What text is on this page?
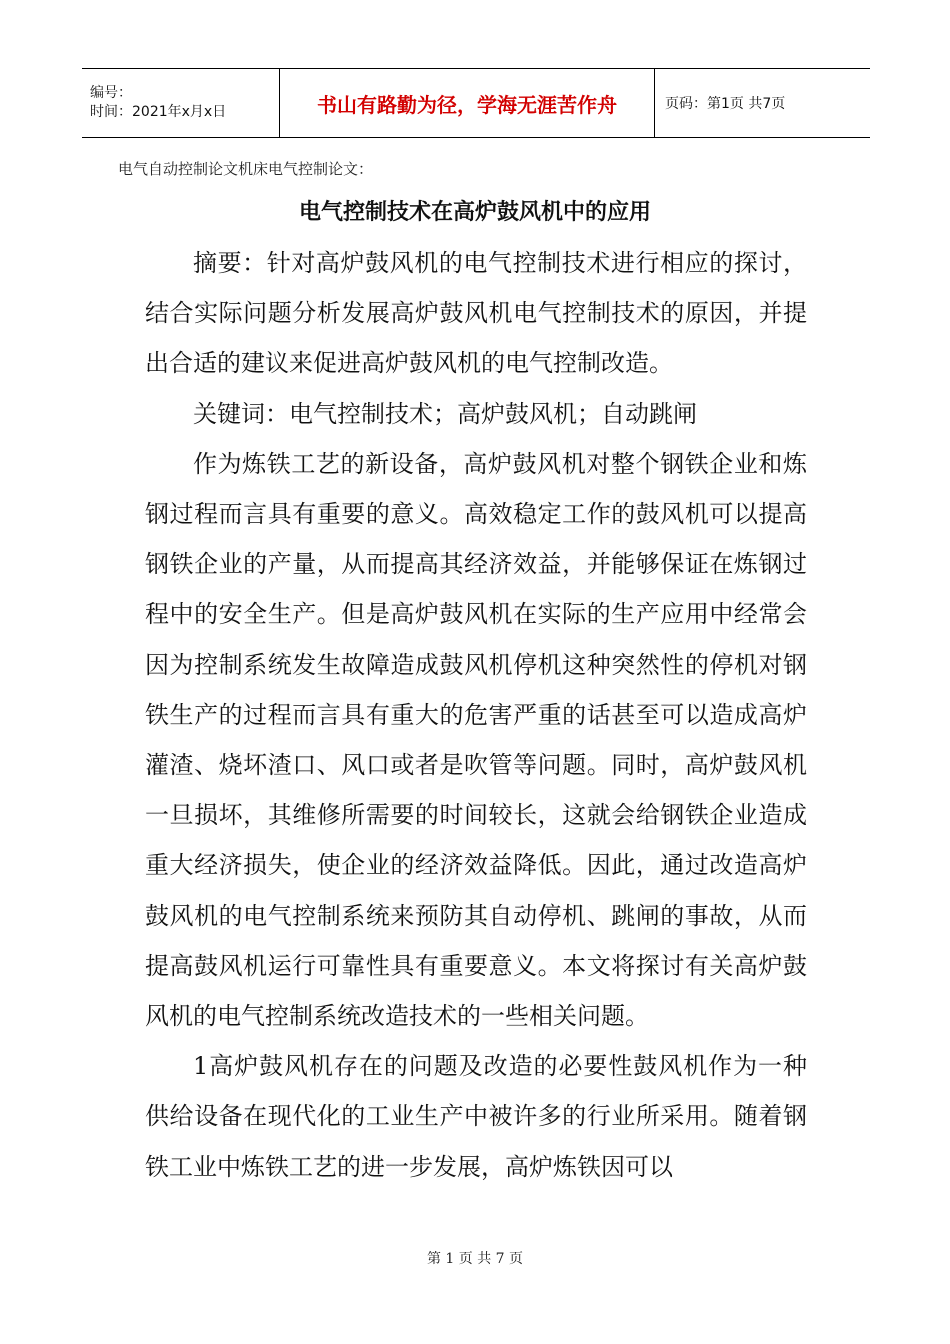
编号：
时间：2021年x月x日	书山有路勤为径，学海无涯苦作舟	页码：第1页 共7页
电气自动控制论文机床电气控制论文：
电气控制技术在高炉鼓风机中的应用

摘要：针对高炉鼓风机的电气控制技术进行相应的探讨，结合实际问题分析发展高炉鼓风机电气控制技术的原因，并提出合适的建议来促进高炉鼓风机的电气控制改造。

关键词：电气控制技术；高炉鼓风机；自动跳闸

作为炼铁工艺的新设备，高炉鼓风机对整个钢铁企业和炼钢过程而言具有重要的意义。高效稳定工作的鼓风机可以提高钢铁企业的产量，从而提高其经济效益，并能够保证在炼钢过程中的安全生产。但是高炉鼓风机在实际的生产应用中经常会因为控制系统发生故障造成鼓风机停机这种突然性的停机对钢铁生产的过程而言具有重大的危害严重的话甚至可以造成高炉灌渣、烧坏渣口、风口或者是吹管等问题。同时，高炉鼓风机一旦损坏，其维修所需要的时间较长，这就会给钢铁企业造成重大经济损失，使企业的经济效益降低。因此，通过改造高炉鼓风机的电气控制系统来预防其自动停机、跳闸的事故，从而提高鼓风机运行可靠性具有重要意义。本文将探讨有关高炉鼓风机的电气控制系统改造技术的一些相关问题。

1高炉鼓风机存在的问题及改造的必要性鼓风机作为一种供给设备在现代化的工业生产中被许多的行业所采用。随着钢铁工业中炼铁工艺的进一步发展，高炉炼铁因可以

第 1 页 共 7 页
